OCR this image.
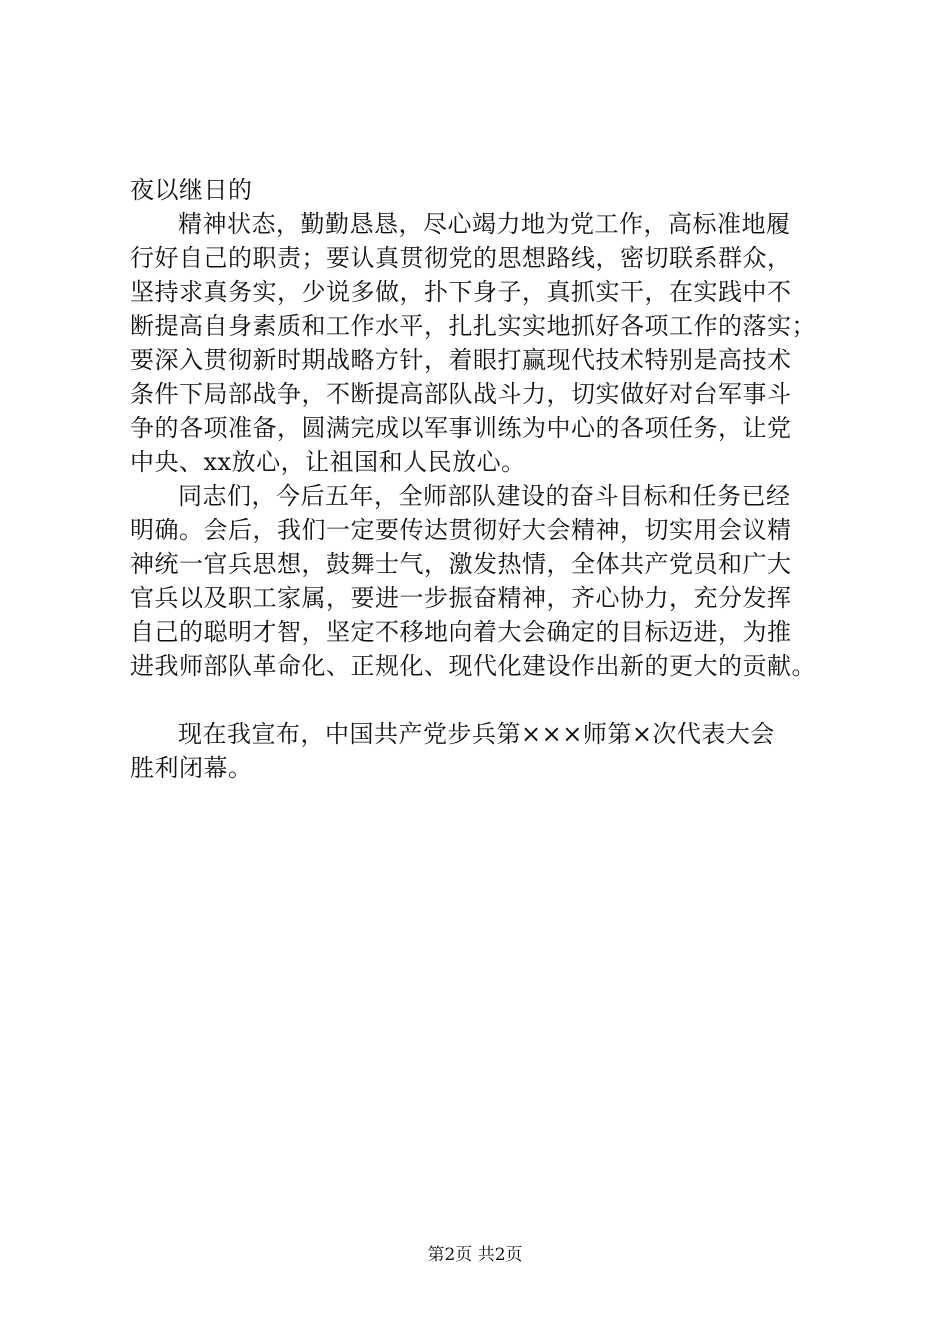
夜以继日的
精神状态，勤勤恳恳，尽心竭力地为党工作，高标准地履
行好自己的职责；要认真贯彻党的思想路线，密切联系群众，
坚持求真务实，少说多做，扑下身子，真抓实干，在实践中不
断提高自身素质和工作水平，扎扎实实地抓好各项工作的落实；
要深入贯彻新时期战略方针，着眼打赢现代技术特别是高技术
条件下局部战争，不断提高部队战斗力，切实做好对台军事斗
争的各项准备，圆满完成以军事训练为中心的各项任务，让党
中央、xx放心，让祖国和人民放心。
同志们，今后五年，全师部队建设的奋斗目标和任务已经
明确。会后，我们一定要传达贯彻好大会精神，切实用会议精
神统一官兵思想，鼓舞士气，激发热情，全体共产党员和广大
官兵以及职工家属，要进一步振奋精神，齐心协力，充分发挥
自己的聪明才智，坚定不移地向着大会确定的目标迈进，为推
进我师部队革命化、正规化、现代化建设作出新的更大的贡献。
现在我宣布，中国共产党步兵第×××师第×次代表大会
胜利闭幕。
第2页 共2页
